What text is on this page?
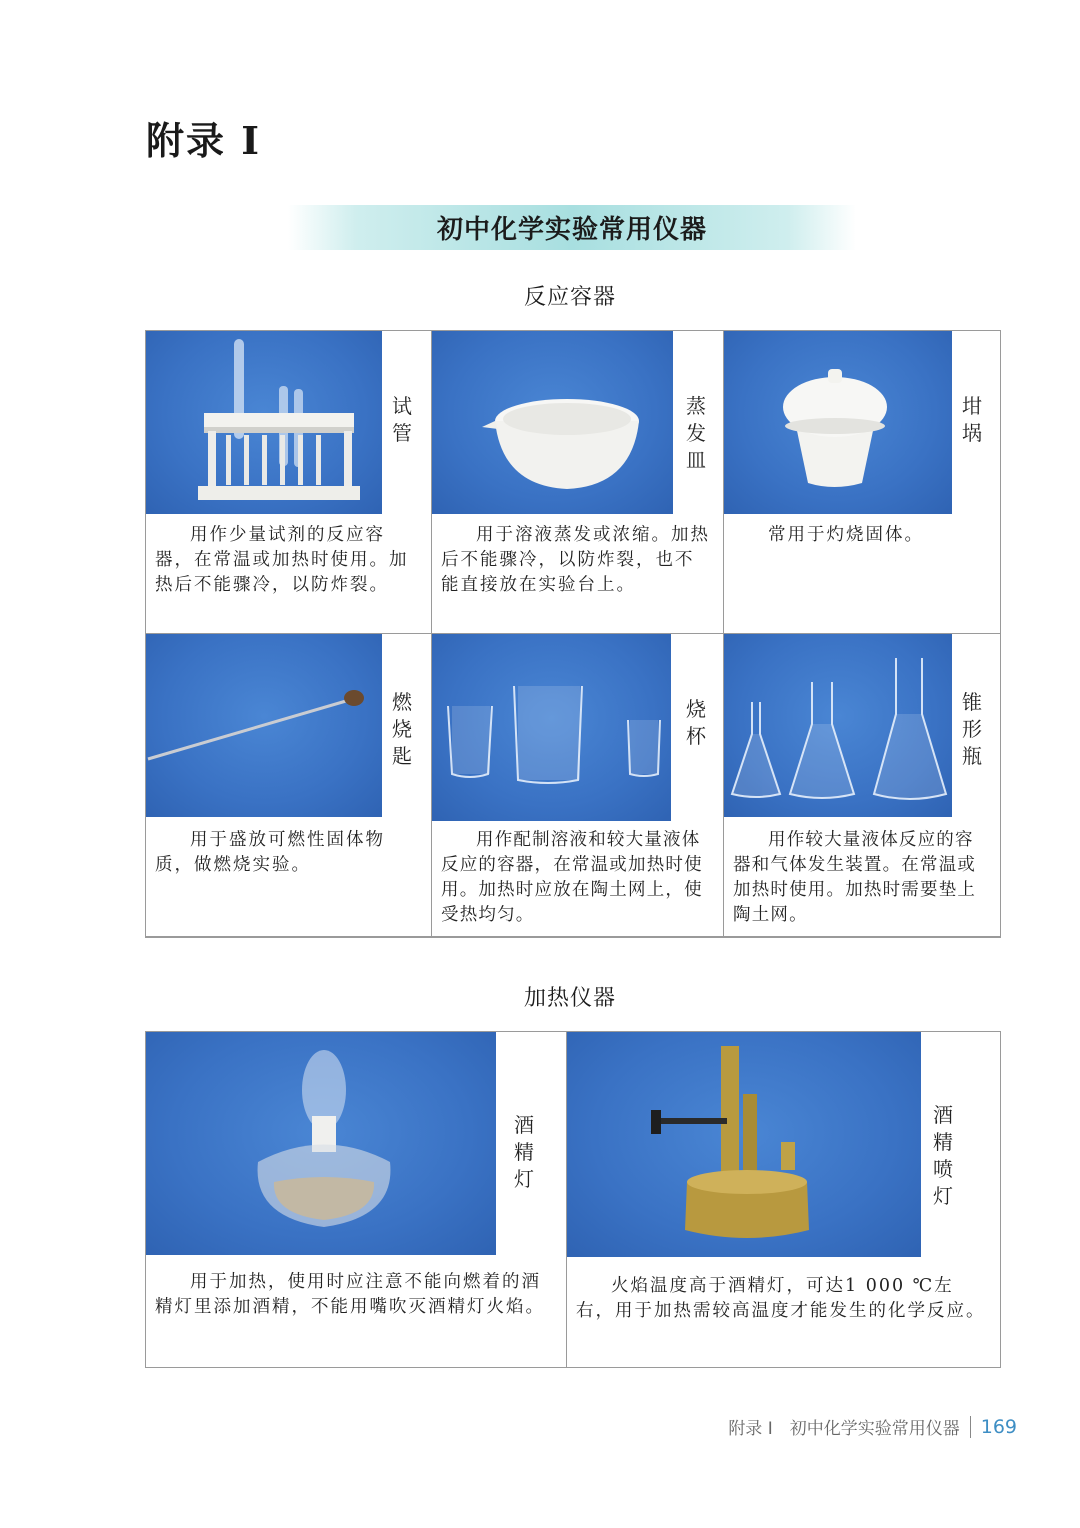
附录 I
初中化学实验常用仪器
反应容器
试
管
用作少量试剂的反应容器，在常温或加热时使用。加热后不能骤冷，以防炸裂。
蒸
发
皿
用于溶液蒸发或浓缩。加热后不能骤冷，以防炸裂，也不能直接放在实验台上。
坩
埚
常用于灼烧固体。
燃
烧
匙
用于盛放可燃性固体物质，做燃烧实验。
烧
杯
用作配制溶液和较大量液体反应的容器，在常温或加热时使用。加热时应放在陶土网上，使受热均匀。
锥
形
瓶
用作较大量液体反应的容器和气体发生装置。在常温或加热时使用。加热时需要垫上陶土网。
加热仪器
酒
精
灯
用于加热，使用时应注意不能向燃着的酒精灯里添加酒精，不能用嘴吹灭酒精灯火焰。
酒
精
喷
灯
火焰温度高于酒精灯，可达1 000 ℃左右，用于加热需较高温度才能发生的化学反应。
附录 I　初中化学实验常用仪器 169
